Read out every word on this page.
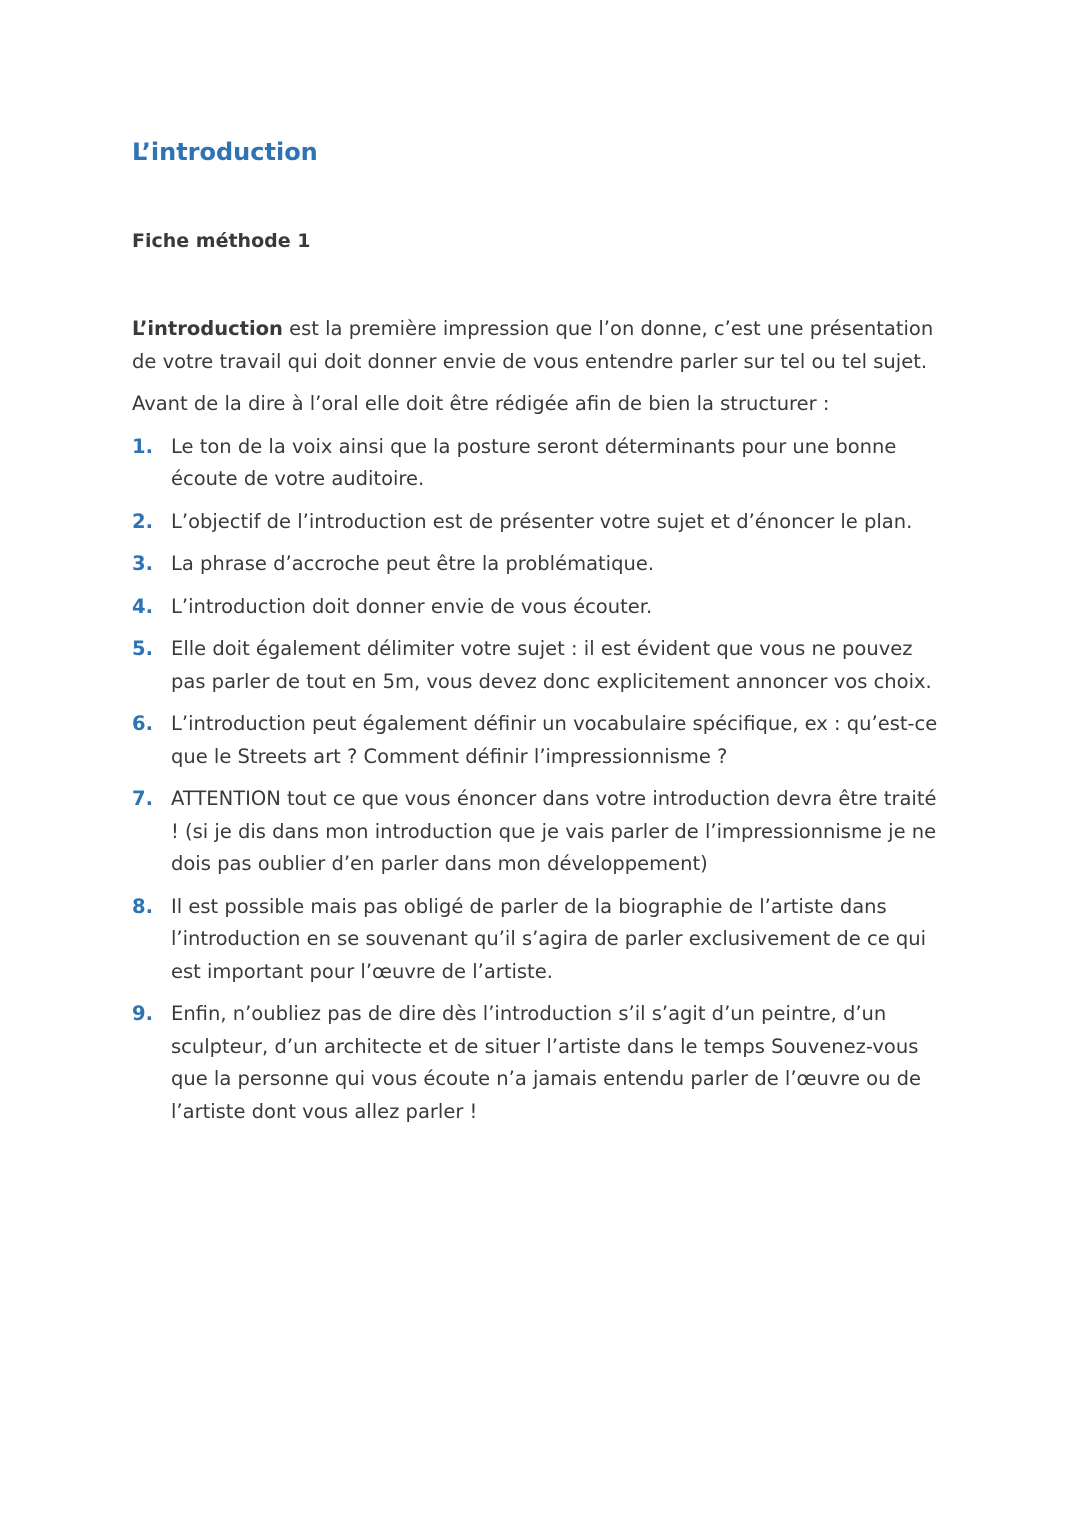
L’introduction
Fiche méthode 1

L’introduction est la première impression que l’on donne, c’est une présentation de votre travail qui doit donner envie de vous entendre parler sur tel ou tel sujet.

Avant de la dire à l’oral elle doit être rédigée afin de bien la structurer :

1. Le ton de la voix ainsi que la posture seront déterminants pour une bonne écoute de votre auditoire.
2. L’objectif de l’introduction est de présenter votre sujet et d’énoncer le plan.
3. La phrase d’accroche peut être la problématique.
4. L’introduction doit donner envie de vous écouter.
5. Elle doit également délimiter votre sujet : il est évident que vous ne pouvez pas parler de tout en 5m, vous devez donc explicitement annoncer vos choix.
6. L’introduction peut également définir un vocabulaire spécifique, ex : qu’est-ce que le Streets art ? Comment définir l’impressionnisme ?
7. ATTENTION tout ce que vous énoncer dans votre introduction devra être traité ! (si je dis dans mon introduction que je vais parler de l’impressionnisme je ne dois pas oublier d’en parler dans mon développement)
8. Il est possible mais pas obligé de parler de la biographie de l’artiste dans l’introduction en se souvenant qu’il s’agira de parler exclusivement de ce qui est important pour l’œuvre de l’artiste.
9. Enfin, n’oubliez pas de dire dès l’introduction s’il s’agit d’un peintre, d’un sculpteur, d’un architecte et de situer l’artiste dans le temps Souvenez-vous que la personne qui vous écoute n’a jamais entendu parler de l’œuvre ou de l’artiste dont vous allez parler !
